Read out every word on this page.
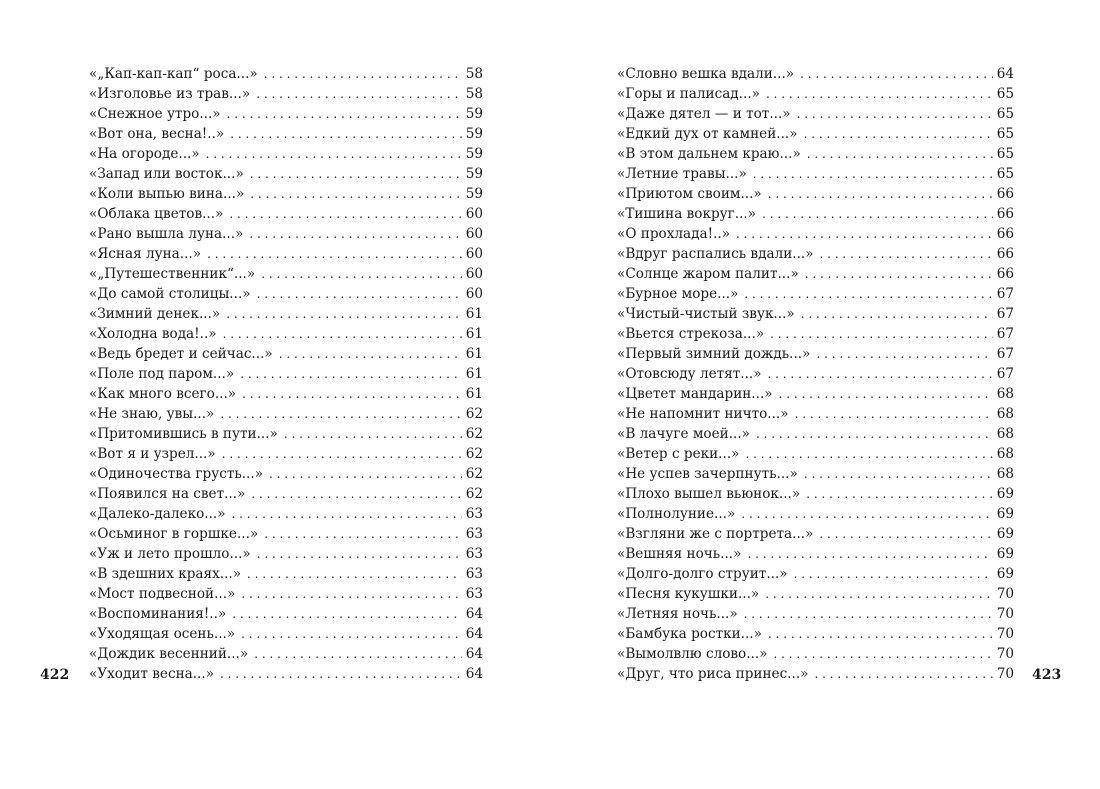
«„Кап-кап-кап“ роса...» . . .	58
«Изголовье из трав...» . . .	58
«Снежное утро...» . . .	59
«Вот она, весна!..» . . .	59
«На огороде...» . . .	59
«Запад или восток...» . . .	59
«Коли выпью вина...» . . .	59
«Облака цветов...» . . .	60
«Рано вышла луна...» . . .	60
«Ясная луна...» . . .	60
«„Путешественник“...» . . .	60
«До самой столицы...» . . .	60
«Зимний денек...» . . .	61
«Холодна вода!..» . . .	61
«Ведь бредет и сейчас...» . . .	61
«Поле под паром...» . . .	61
«Как много всего...» . . .	61
«Не знаю, увы...» . . .	62
«Притомившись в пути...» . . .	62
«Вот я и узрел...» . . .	62
«Одиночества грусть...» . . .	62
«Появился на свет...» . . .	62
«Далеко-далеко...» . . .	63
«Осьминог в горшке...» . . .	63
«Уж и лето прошло...» . . .	63
«В здешних краях...» . . .	63
«Мост подвесной...» . . .	63
«Воспоминания!..» . . .	64
«Уходящая осень...» . . .	64
«Дождик весенний...» . . .	64
«Уходит весна...» . . .	64
422
«Словно вешка вдали...» . . .	64
«Горы и палисад...» . . .	65
«Даже дятел — и тот...» . . .	65
«Едкий дух от камней...» . . .	65
«В этом дальнем краю...» . . .	65
«Летние травы...» . . .	65
«Приютом своим...» . . .	66
«Тишина вокруг...» . . .	66
«О прохлада!..» . . .	66
«Вдруг распались вдали...» . . .	66
«Солнце жаром палит...» . . .	66
«Бурное море...» . . .	67
«Чистый-чистый звук...» . . .	67
«Вьется стрекоза...» . . .	67
«Первый зимний дождь...» . . .	67
«Отовсюду летят...» . . .	67
«Цветет мандарин...» . . .	68
«Не напомнит ничто...» . . .	68
«В лачуге моей...» . . .	68
«Ветер с реки...» . . .	68
«Не успев зачерпнуть...» . . .	68
«Плохо вышел вьюнок...» . . .	69
«Полнолуние...» . . .	69
«Взгляни же с портрета...» . . .	69
«Вешняя ночь...» . . .	69
«Долго-долго струит...» . . .	69
«Песня кукушки...» . . .	70
«Летняя ночь...» . . .	70
«Бамбука ростки...» . . .	70
«Вымолвлю слово...» . . .	70
«Друг, что риса принес...» . . .	70 423
